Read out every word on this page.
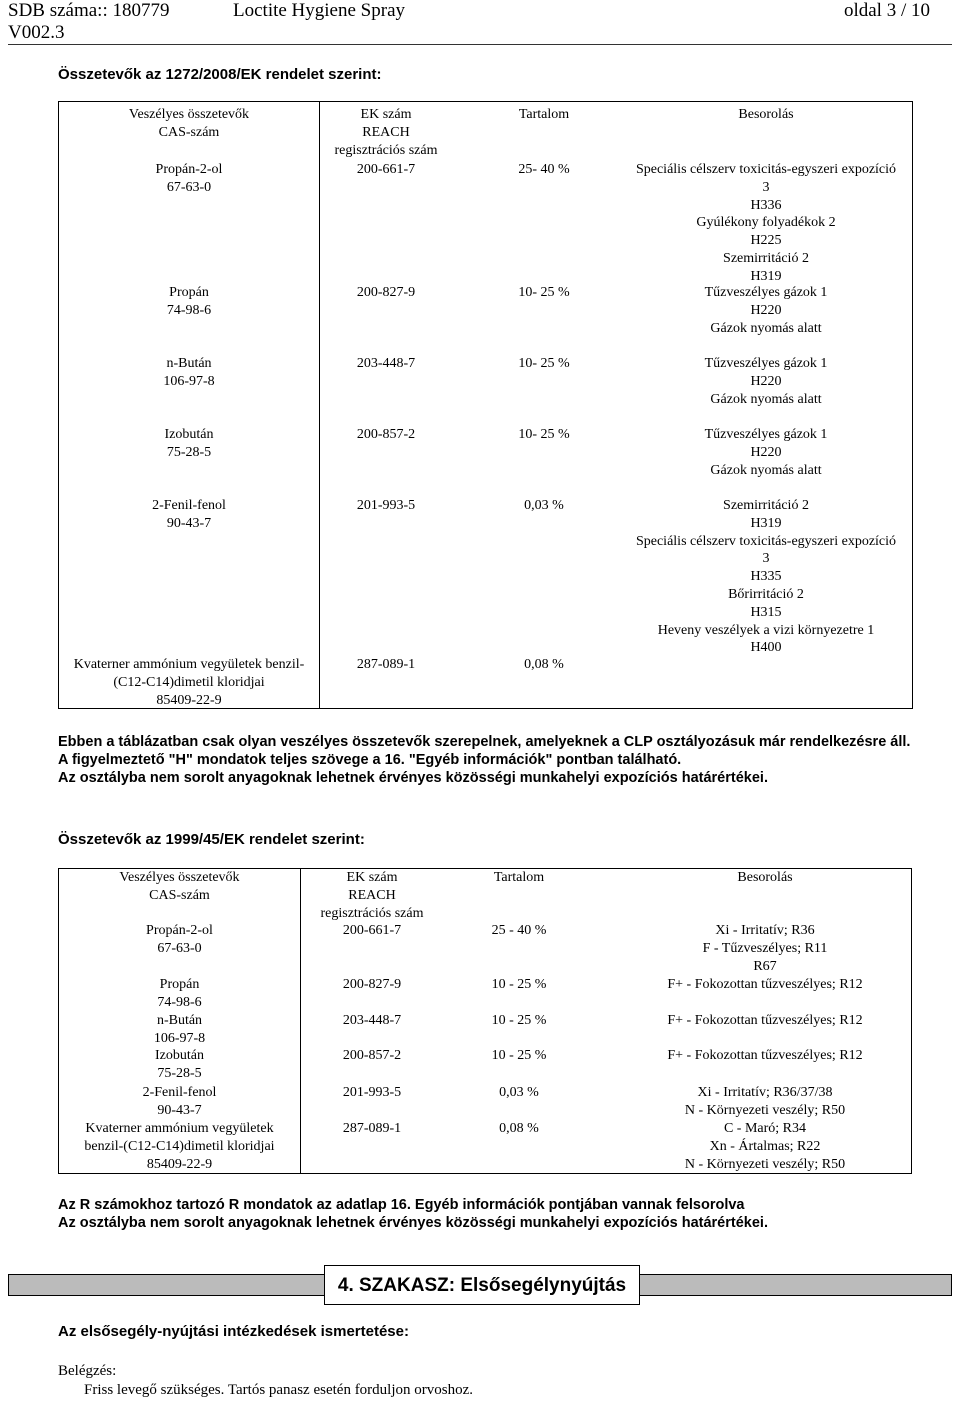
SDB száma:: 180779
V002.3
Loctite Hygiene Spray	oldal 3 / 10
Összetevők az 1272/2008/EK rendelet szerint:
Veszélyes összetevők
CAS-szám
EK szám
REACH
regisztrációs szám
Tartalom	Besorolás
Propán-2-ol
67-63-0
200-661-7	25- 40 %	Speciális célszerv toxicitás-egyszeri expozíció
3
H336
Gyúlékony folyadékok 2
H225
Szemirritáció 2
H319
Propán
74-98-6
200-827-9	10- 25 %	Tűzveszélyes gázok 1
H220
Gázok nyomás alatt
n-Bután
106-97-8
203-448-7	10- 25 %	Tűzveszélyes gázok 1
H220
Gázok nyomás alatt
Izobután
75-28-5
200-857-2	10- 25 %	Tűzveszélyes gázok 1
H220
Gázok nyomás alatt
2-Fenil-fenol
90-43-7
201-993-5	0,03 %	Szemirritáció 2
H319
Speciális célszerv toxicitás-egyszeri expozíció
3
H335
Bőrirritáció 2
H315
Heveny veszélyek a vizi környezetre 1
H400
Kvaterner ammónium vegyületek benzil-
(C12-C14)dimetil kloridjai
85409-22-9
287-089-1	0,08 %
Ebben a táblázatban csak olyan veszélyes összetevők szerepelnek, amelyeknek a CLP osztályozásuk már rendelkezésre áll.
A figyelmeztető "H" mondatok teljes szövege a 16. "Egyéb információk" pontban található.
Az osztályba nem sorolt anyagoknak lehetnek érvényes közösségi munkahelyi expozíciós határértékei.
Összetevők az 1999/45/EK rendelet szerint:
Veszélyes összetevők
CAS-szám
EK szám
REACH
regisztrációs szám
Tartalom	Besorolás
Propán-2-ol
67-63-0
200-661-7	25 - 40 %	Xi - Irritatív; R36
F - Tűzveszélyes; R11
R67
Propán
74-98-6
200-827-9	10 - 25 %	F+ - Fokozottan tűzveszélyes; R12
n-Bután
106-97-8
203-448-7	10 - 25 %	F+ - Fokozottan tűzveszélyes; R12
Izobután
75-28-5
200-857-2	10 - 25 %	F+ - Fokozottan tűzveszélyes; R12
2-Fenil-fenol
90-43-7
201-993-5	0,03 %	Xi - Irritatív; R36/37/38
N - Környezeti veszély; R50
Kvaterner ammónium vegyületek
benzil-(C12-C14)dimetil kloridjai
85409-22-9
287-089-1	0,08 %	C - Maró; R34
Xn - Ártalmas; R22
N - Környezeti veszély; R50
Az R számokhoz tartozó R mondatok az adatlap 16. Egyéb információk pontjában vannak felsorolva
Az osztályba nem sorolt anyagoknak lehetnek érvényes közösségi munkahelyi expozíciós határértékei.
4. SZAKASZ: Elsősegélynyújtás
Az elsősegély-nyújtási intézkedések ismertetése:
Belégzés:
Friss levegő szükséges. Tartós panasz esetén forduljon orvoshoz.
